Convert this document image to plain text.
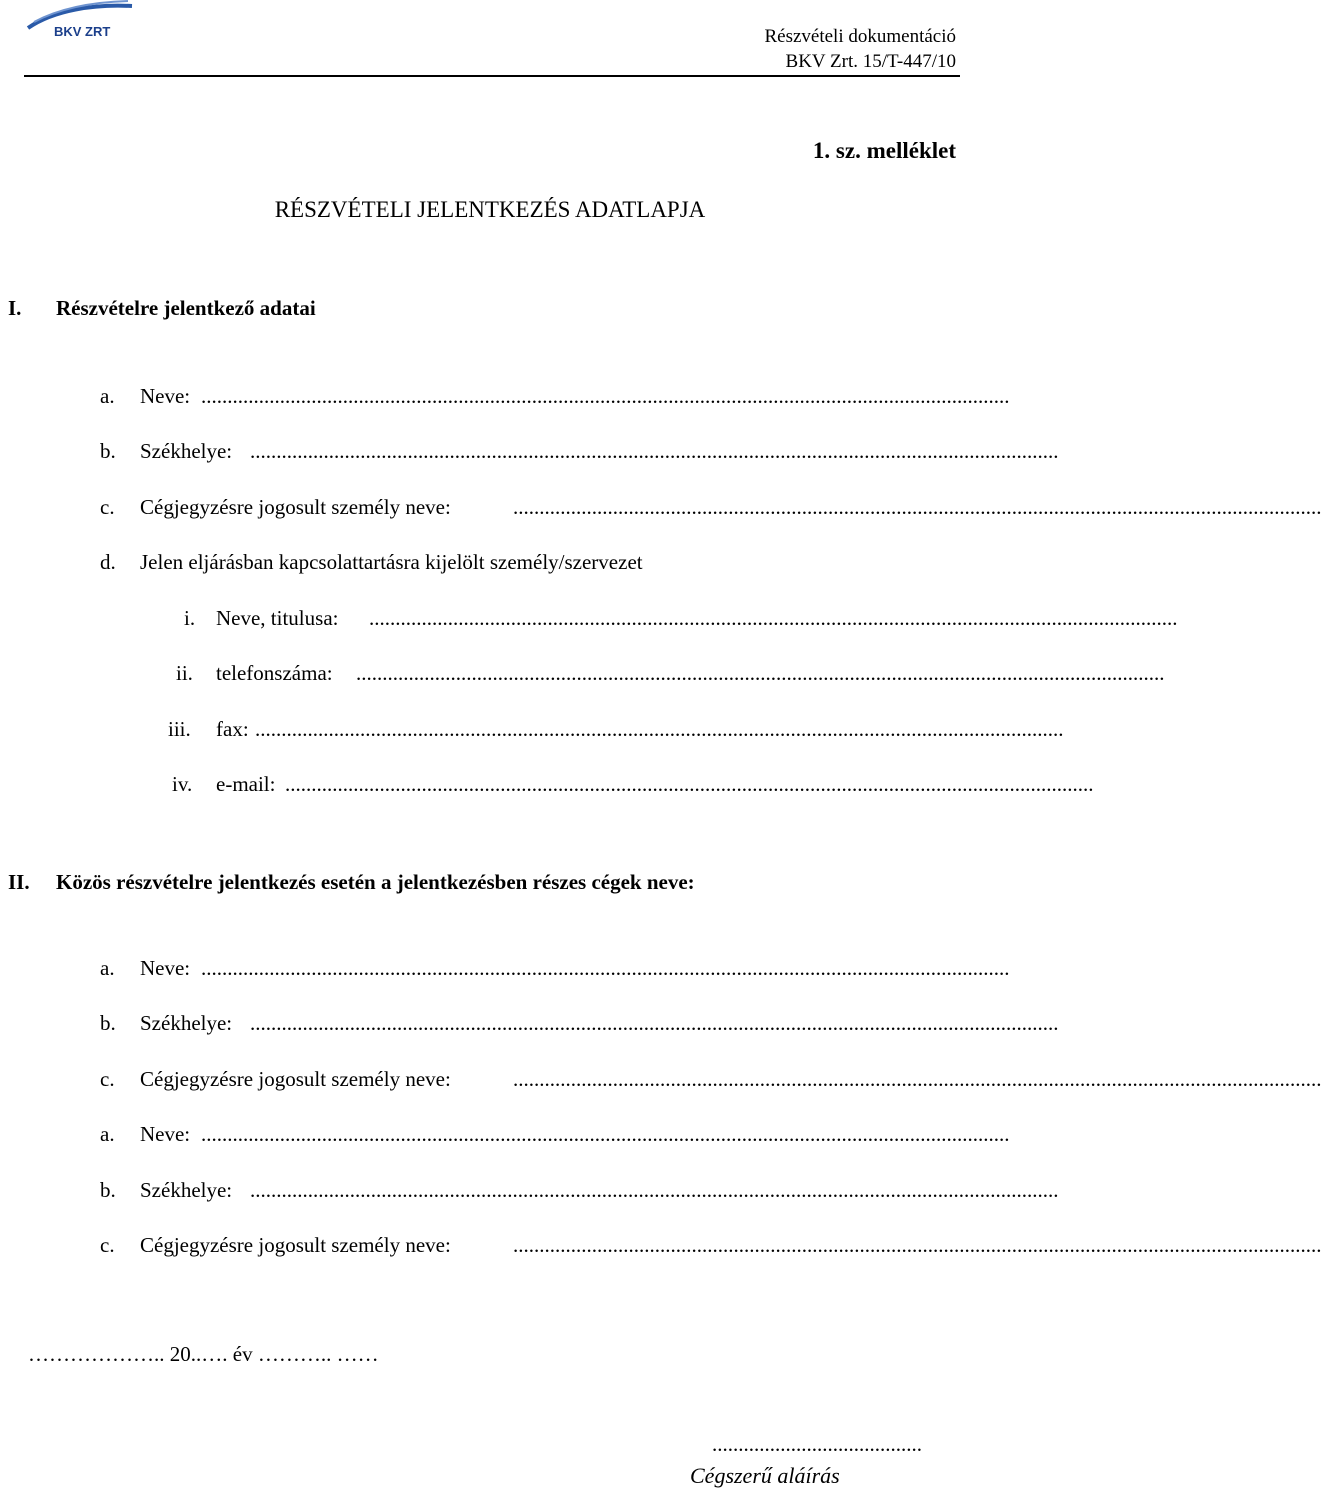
BKV ZRT	Részvételi dokumentáció
BKV Zrt. 15/T-447/10
1. sz. melléklet
RÉSZVÉTELI JELENTKEZÉS ADATLAPJA
I. Részvételre jelentkező adatai
a. Neve: ..........................................................................................................................................................
b. Székhelye: ..........................................................................................................................................................
c. Cégjegyzésre jogosult személy neve:	..........................................................................................................................................................
d. Jelen eljárásban kapcsolattartásra kijelölt személy/szervezet
i. Neve, titulusa: ..........................................................................................................................................................
ii. telefonszáma: ..........................................................................................................................................................
iii. fax: ..........................................................................................................................................................
iv. e-mail: ..........................................................................................................................................................
II. Közös részvételre jelentkezés esetén a jelentkezésben részes cégek neve:
a. Neve: ..........................................................................................................................................................
b. Székhelye: ..........................................................................................................................................................
c. Cégjegyzésre jogosult személy neve:	..........................................................................................................................................................
a. Neve: ..........................................................................................................................................................
b. Székhelye: ..........................................................................................................................................................
c. Cégjegyzésre jogosult személy neve:	..........................................................................................................................................................
……………….. 20..…. év ……….. ……
........................................
Cégszerű aláírás
